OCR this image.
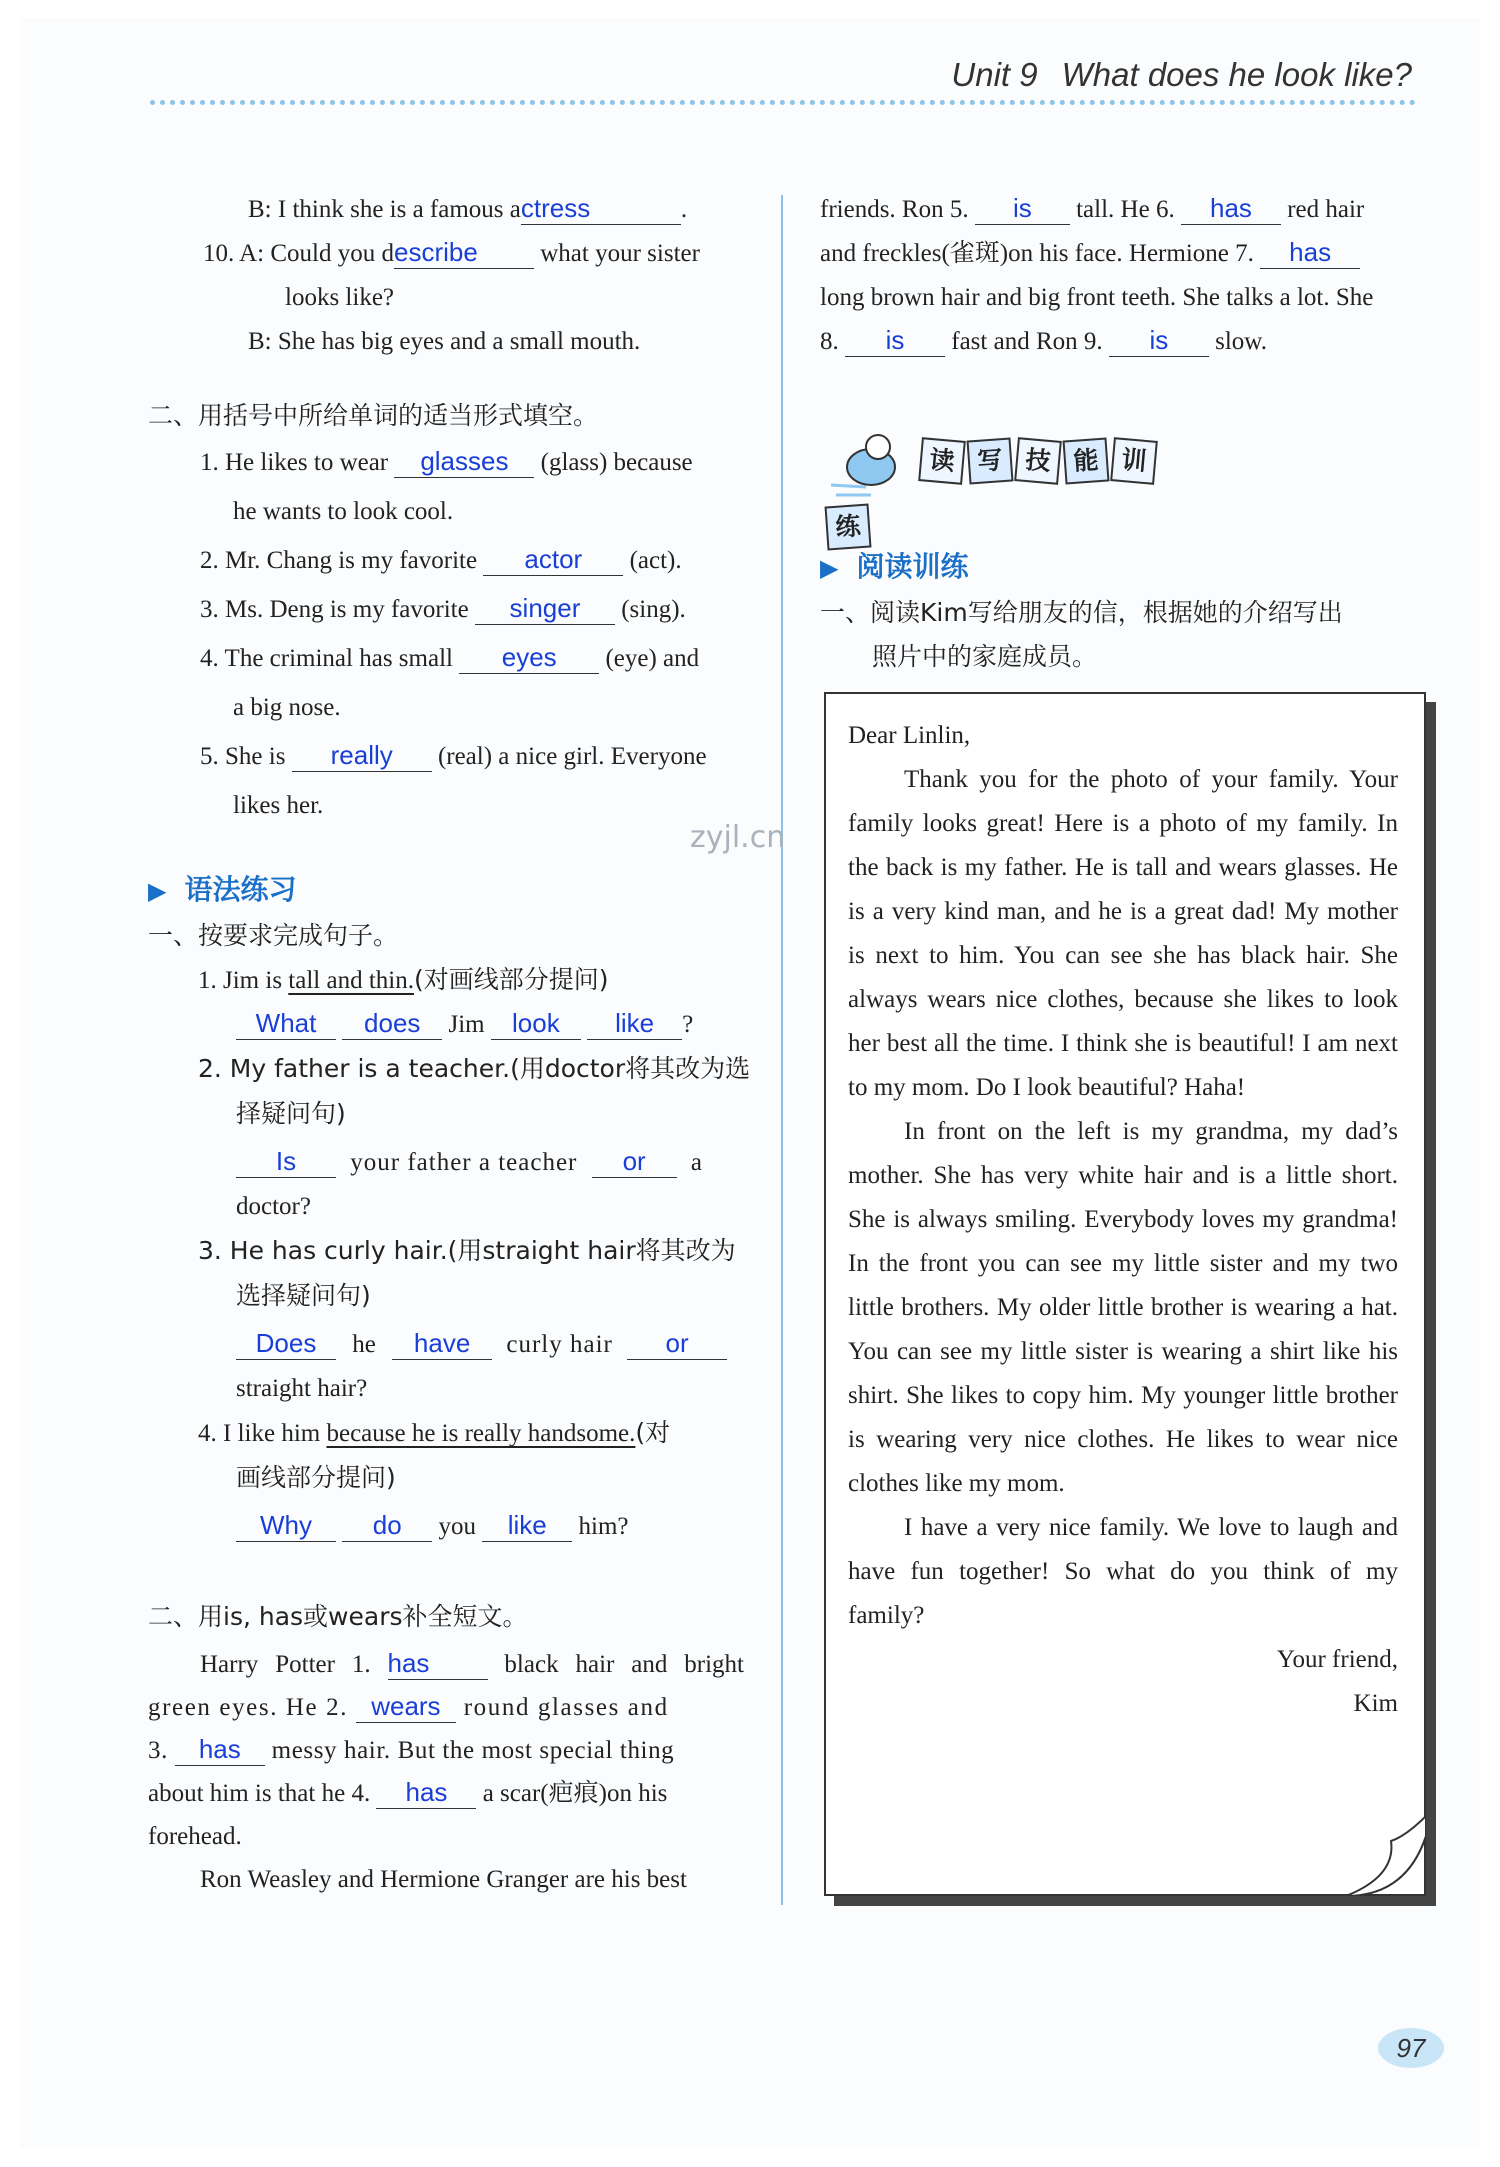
Unit 9 What does he look like?
B: I think she is a famous actress	.
10. A: Could you describe what your sister
looks like?
B: She has big eyes and a small mouth.
二、用括号中所给单词的适当形式填空。
1. He likes to wear glasses (glass) because
he wants to look cool.
2. Mr. Chang is my favorite actor (act).
3. Ms. Deng is my favorite singer (sing).
4. The criminal has small eyes (eye) and
a big nose.
5. She is really (real) a nice girl. Everyone
likes her.
▶ 语法练习
一、按要求完成句子。
1. Jim is tall and thin.(对画线部分提问)
What does Jim look like ?
2. My father is a teacher.(用doctor将其改为选
择疑问句)
Is your father a teacher or a
doctor?
3. He has curly hair.(用straight hair将其改为
选择疑问句)
Does he have curly hair or
straight hair?
4. I like him because he is really handsome.(对
画线部分提问)
Why do you like him?
二、用is, has或wears补全短文。
Harry Potter 1. has black hair and bright
green eyes. He 2. wears round glasses and
3. has messy hair. But the most special thing
about him is that he 4. has a scar(疤痕)on his
forehead.
Ron Weasley and Hermione Granger are his best
friends. Ron 5. is tall. He 6. has red hair
and freckles(雀斑)on his face. Hermione 7. has
long brown hair and big front teeth. She talks a lot. She
8. is fast and Ron 9. is slow.
读 写 技 能 训练
▶ 阅读训练
一、阅读Kim写给朋友的信，根据她的介绍写出
照片中的家庭成员。
Dear Linlin,
Thank you for the photo of your family. Your family looks great! Here is a photo of my family. In the back is my father. He is tall and wears glasses. He is a very kind man, and he is a great dad! My mother is next to him. You can see she has black hair. She always wears nice clothes, because she likes to look her best all the time. I think she is beautiful! I am next to my mom. Do I look beautiful? Haha!
In front on the left is my grandma, my dad’s mother. She has very white hair and is a little short. She is always smiling. Everybody loves my grandma! In the front you can see my little sister and my two little brothers. My older little brother is wearing a hat. You can see my little sister is wearing a shirt like his shirt. She likes to copy him. My younger little brother is wearing very nice clothes. He likes to wear nice clothes like my mom.
I have a very nice family. We love to laugh and have fun together! So what do you think of my family?
Your friend,
Kim
zyjl.cn
97
